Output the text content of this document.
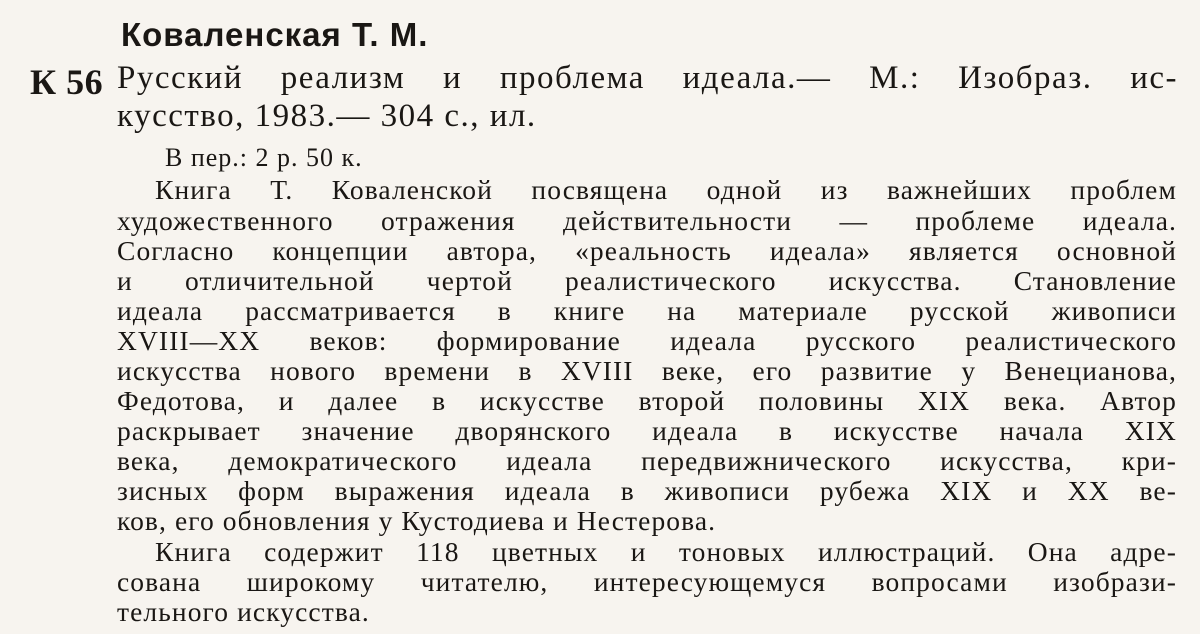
Коваленская Т. М.
К 56 Русский реализм и проблема идеала.— М.: Изобраз. ис-
кусство, 1983.— 304 с., ил.
В пер.: 2 р. 50 к.
Книга Т. Коваленской посвящена одной из важнейших проблем
художественного отражения действительности — проблеме идеала.
Согласно концепции автора, «реальность идеала» является основной
и отличительной чертой реалистического искусства. Становление
идеала рассматривается в книге на материале русской живописи
XVIII—XX веков: формирование идеала русского реалистического
искусства нового времени в XVIII веке, его развитие у Венецианова,
Федотова, и далее в искусстве второй половины XIX века. Автор
раскрывает значение дворянского идеала в искусстве начала XIX
века, демократического идеала передвижнического искусства, кри-
зисных форм выражения идеала в живописи рубежа XIX и XX ве-
ков, его обновления у Кустодиева и Нестерова.
Книга содержит 118 цветных и тоновых иллюстраций. Она адре-
сована широкому читателю, интересующемуся вопросами изобрази-
тельного искусства.
